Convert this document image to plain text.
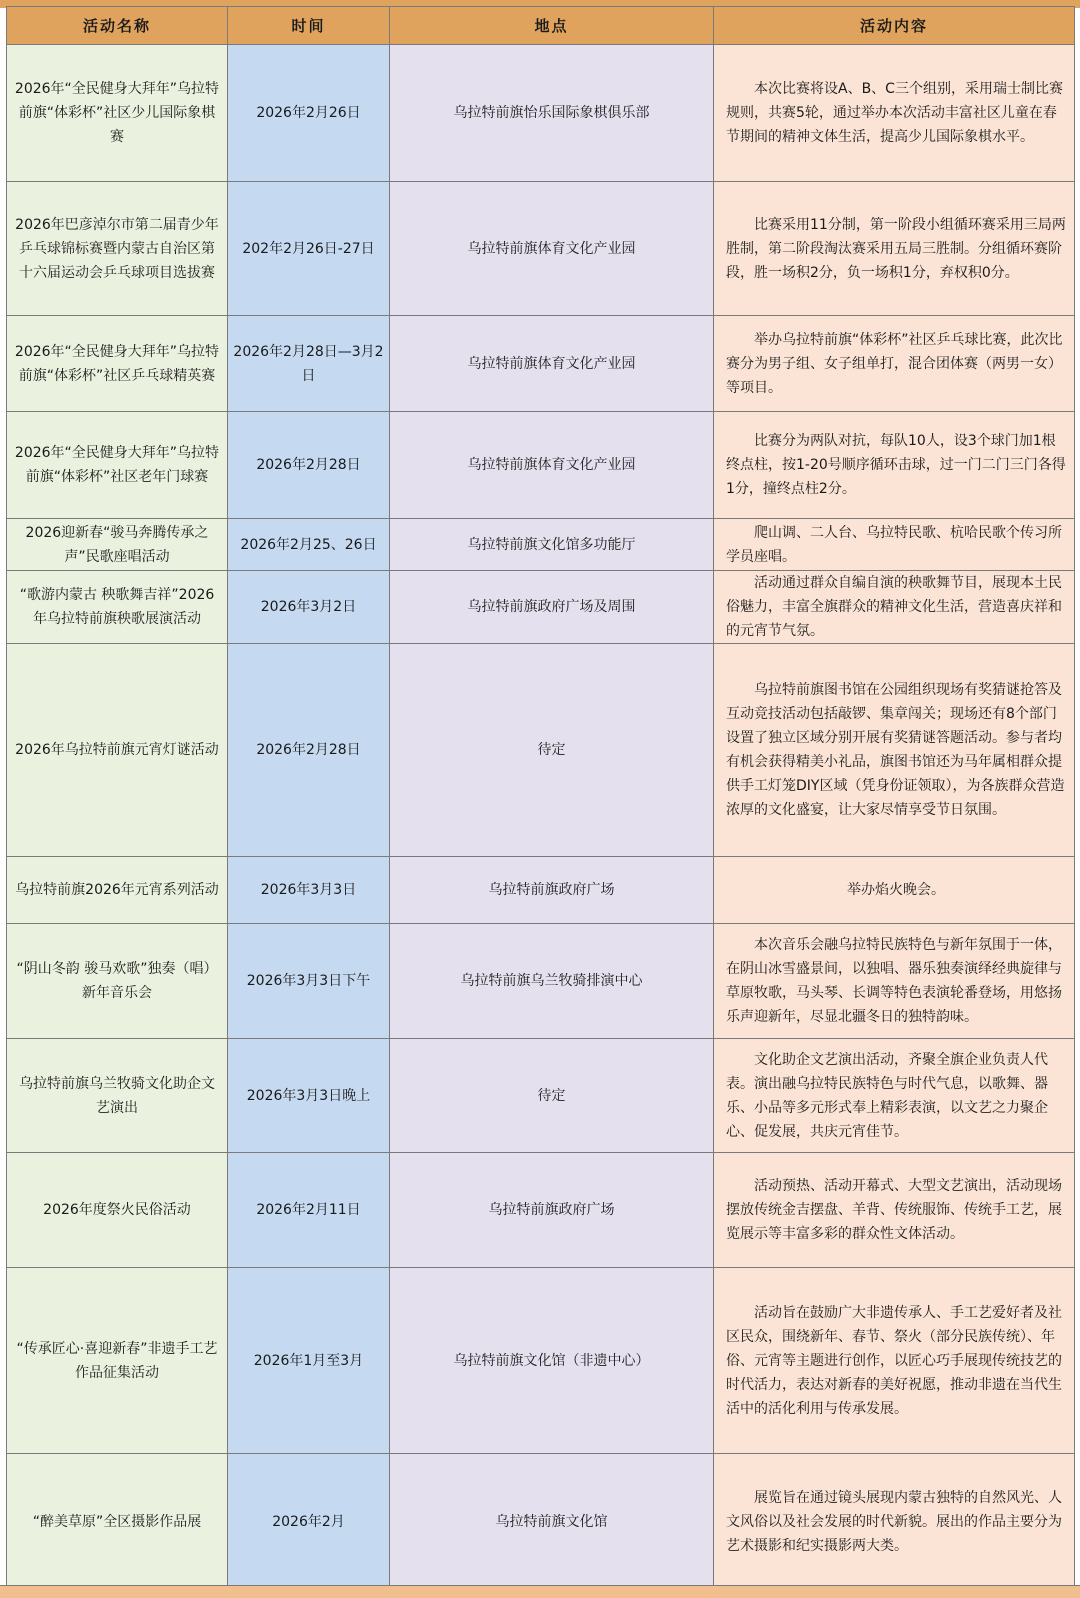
活动名称	时间	地点	活动内容
2026年“全民健身大拜年”乌拉特前旗“体彩杯”社区少儿国际象棋赛	2026年2月26日	乌拉特前旗怡乐国际象棋俱乐部	本次比赛将设A、B、C三个组别，采用瑞士制比赛规则，共赛5轮，通过举办本次活动丰富社区儿童在春节期间的精神文体生活，提高少儿国际象棋水平。
2026年巴彦淖尔市第二届青少年乒乓球锦标赛暨内蒙古自治区第十六届运动会乒乓球项目选拔赛	202年2月26日-27日	乌拉特前旗体育文化产业园	比赛采用11分制，第一阶段小组循环赛采用三局两胜制，第二阶段淘汰赛采用五局三胜制。分组循环赛阶段，胜一场积2分，负一场积1分，弃权积0分。
2026年“全民健身大拜年”乌拉特前旗“体彩杯”社区乒乓球精英赛	2026年2月28日—3月2日	乌拉特前旗体育文化产业园	举办乌拉特前旗“体彩杯”社区乒乓球比赛，此次比赛分为男子组、女子组单打，混合团体赛（两男一女）等项目。
2026年“全民健身大拜年”乌拉特前旗“体彩杯”社区老年门球赛	2026年2月28日	乌拉特前旗体育文化产业园	比赛分为两队对抗，每队10人，设3个球门加1根终点柱，按1-20号顺序循环击球，过一门二门三门各得1分，撞终点柱2分。
2026迎新春“骏马奔腾传承之声”民歌座唱活动	2026年2月25、26日	乌拉特前旗文化馆多功能厅	爬山调、二人台、乌拉特民歌、杭哈民歌个传习所学员座唱。
“歌游内蒙古 秧歌舞吉祥”2026年乌拉特前旗秧歌展演活动	2026年3月2日	乌拉特前旗政府广场及周围	活动通过群众自编自演的秧歌舞节目，展现本土民俗魅力，丰富全旗群众的精神文化生活，营造喜庆祥和的元宵节气氛。
2026年乌拉特前旗元宵灯谜活动	2026年2月28日	待定	乌拉特前旗图书馆在公园组织现场有奖猜谜抢答及互动竞技活动包括敲锣、集章闯关；现场还有8个部门设置了独立区域分别开展有奖猜谜答题活动。参与者均有机会获得精美小礼品，旗图书馆还为马年属相群众提供手工灯笼DIY区域（凭身份证领取），为各族群众营造浓厚的文化盛宴，让大家尽情享受节日氛围。
乌拉特前旗2026年元宵系列活动	2026年3月3日	乌拉特前旗政府广场	举办焰火晚会。
“阴山冬韵 骏马欢歌”独奏（唱）新年音乐会	2026年3月3日下午	乌拉特前旗乌兰牧骑排演中心	本次音乐会融乌拉特民族特色与新年氛围于一体，在阴山冰雪盛景间，以独唱、器乐独奏演绎经典旋律与草原牧歌，马头琴、长调等特色表演轮番登场，用悠扬乐声迎新年，尽显北疆冬日的独特韵味。
乌拉特前旗乌兰牧骑文化助企文艺演出	2026年3月3日晚上	待定	文化助企文艺演出活动，齐聚全旗企业负责人代表。演出融乌拉特民族特色与时代气息，以歌舞、器乐、小品等多元形式奉上精彩表演，以文艺之力聚企心、促发展，共庆元宵佳节。
2026年度祭火民俗活动	2026年2月11日	乌拉特前旗政府广场	活动预热、活动开幕式、大型文艺演出，活动现场摆放传统金吉摆盘、羊背、传统服饰、传统手工艺，展览展示等丰富多彩的群众性文体活动。
“传承匠心·喜迎新春”非遗手工艺作品征集活动	2026年1月至3月	乌拉特前旗文化馆（非遗中心）	活动旨在鼓励广大非遗传承人、手工艺爱好者及社区民众，围绕新年、春节、祭火（部分民族传统）、年俗、元宵等主题进行创作，以匠心巧手展现传统技艺的时代活力，表达对新春的美好祝愿，推动非遗在当代生活中的活化利用与传承发展。
“醉美草原”全区摄影作品展	2026年2月	乌拉特前旗文化馆	展览旨在通过镜头展现内蒙古独特的自然风光、人文风俗以及社会发展的时代新貌。展出的作品主要分为艺术摄影和纪实摄影两大类。
